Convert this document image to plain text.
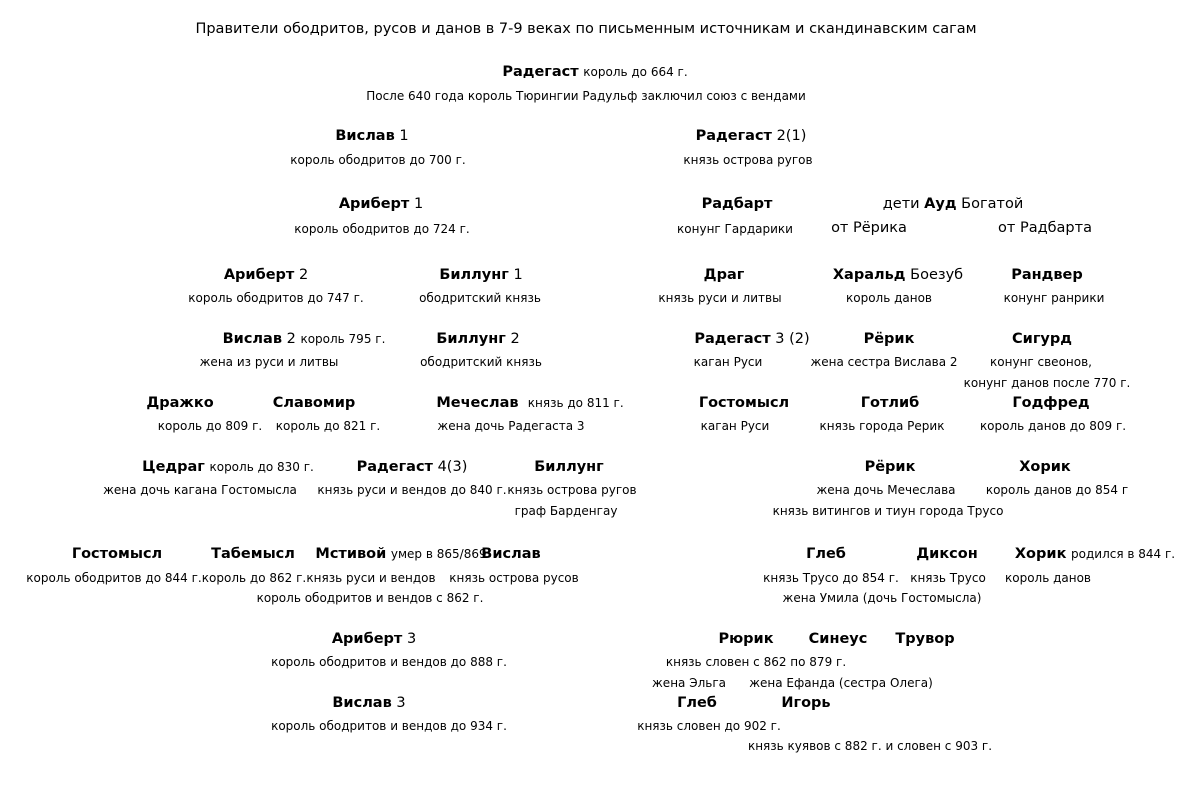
Правители ободритов, русов и данов в 7-9 веках по письменным источникам и скандинавским сагам
Радегаст король до 664 г.
После 640 года король Тюрингии Радульф заключил союз с вендами
Вислав 1
король ободритов до 700 г.
Радегаст 2(1)
князь острова ругов
Ариберт 1
король ободритов до 724 г.
Радбарт
конунг Гардарики
дети Ауд Богатой
от Рёрика	от Радбарта
Ариберт 2
король ободритов до 747 г.
Биллунг 1
ободритский князь
Драг
князь руси и литвы
Харальд Боезуб
король данов
Рандвер
конунг ранрики
Вислав 2 король 795 г.
жена из руси и литвы
Биллунг 2
ободритский князь
Радегаст 3 (2)
каган Руси
Рёрик
жена сестра Вислава 2
Сигурд
конунг свеонов,
конунг данов после 770 г.
Дражко
король до 809 г.
Славомир
король до 821 г.
Мечеслав князь до 811 г.
жена дочь Радегаста 3
Гостомысл
каган Руси
Готлиб
князь города Рерик
Годфред
король данов до 809 г.
Цедраг король до 830 г.
жена дочь кагана Гостомысла
Радегаст 4(3)
князь руси и вендов до 840 г.
Биллунг
князь острова ругов
граф Барденгау
Рёрик
жена дочь Мечеслава
князь витингов и тиун города Трусо
Хорик
король данов до 854 г
Гостомысл
король ободритов до 844 г.
Табемысл
король до 862 г.
Мстивой умер в 865/869
князь руси и вендов
Вислав
князь острова русов
король ободритов и вендов с 862 г.
Глеб
князь Трусо до 854 г.
жена Умила (дочь Гостомысла)
Диксон
князь Трусо
Хорик родился в 844 г.
король данов
Ариберт 3
король ободритов и вендов до 888 г.
Рюрик
князь словен с 862 по 879 г.
жена Эльга
Синеус
жена Ефанда (сестра Олега)
Трувор
Вислав 3
король ободритов и вендов до 934 г.
Глеб
князь словен до 902 г.
Игорь
князь куявов с 882 г. и словен с 903 г.
